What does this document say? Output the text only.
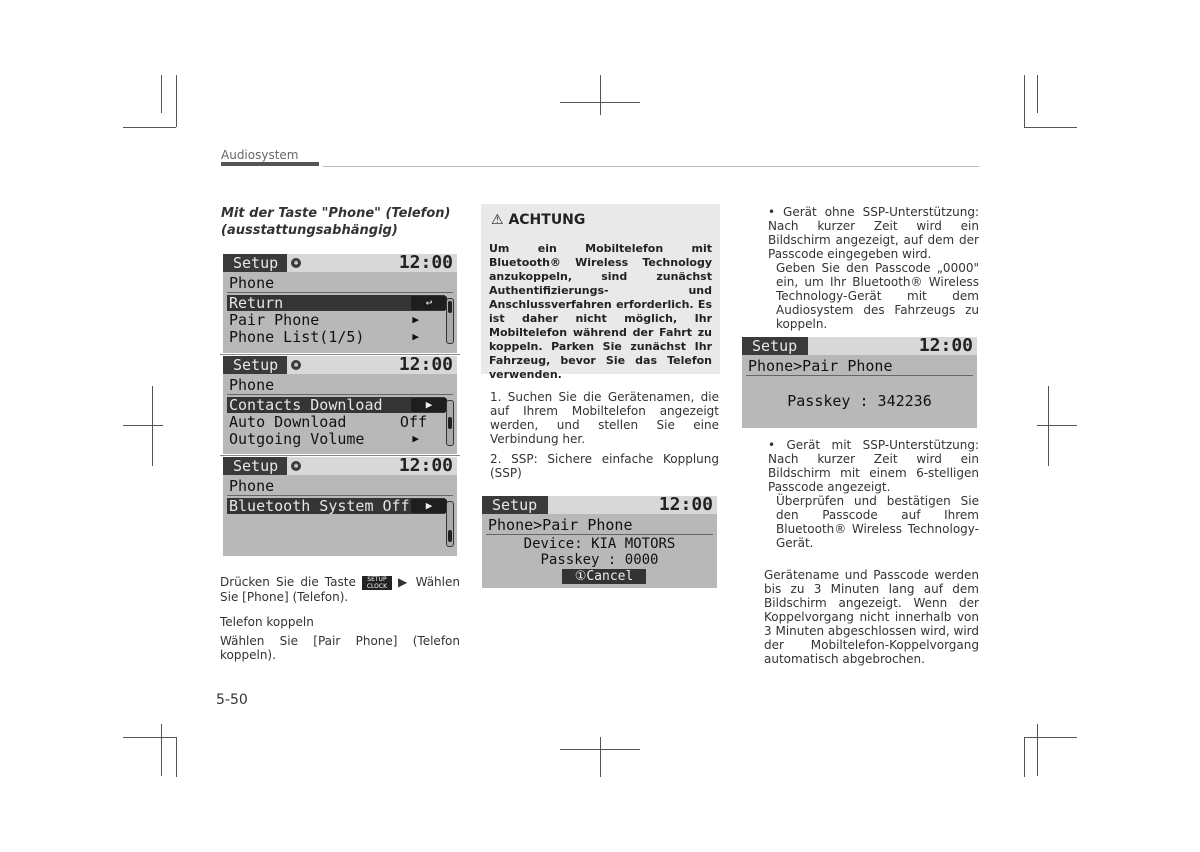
Audiosystem
Mit der Taste "Phone" (Telefon) (ausstattungsabhängig)
Setup	✱	12:00
Phone
Return	↩
Pair Phone	▶
Phone List(1/5)	▶
Setup	✱	12:00
Phone
Contacts Download	▶
Auto Download	Off
Outgoing Volume	▶
Setup	✱	12:00
Phone
Bluetooth System Off	▶
Drücken Sie die Taste SETUP
CLOCK ▶ Wählen Sie [Phone] (Telefon).
Telefon koppeln
Wählen Sie [Pair Phone] (Telefon koppeln).
⚠ ACHTUNG
Um ein Mobiltelefon mit Bluetooth® Wireless Technology anzukoppeln, sind zunächst Authentifizierungs- und Anschlussverfahren erforderlich. Es ist daher nicht möglich, Ihr Mobiltelefon während der Fahrt zu koppeln. Parken Sie zunächst Ihr Fahrzeug, bevor Sie das Telefon verwenden.
1. Suchen Sie die Gerätenamen, die auf Ihrem Mobiltelefon angezeigt werden, und stellen Sie eine Verbindung her.
2. SSP: Sichere einfache Kopplung (SSP)
Setup	12:00
Phone>Pair Phone
Device: KIA MOTORS
Passkey : 0000
①Cancel
• Gerät ohne SSP-Unterstützung: Nach kurzer Zeit wird ein Bildschirm angezeigt, auf dem der Passcode eingegeben wird.
Geben Sie den Passcode „0000" ein, um Ihr Bluetooth® Wireless Technology-Gerät mit dem Audiosystem des Fahrzeugs zu koppeln.
Setup	12:00
Phone>Pair Phone
Passkey : 342236
• Gerät mit SSP-Unterstützung: Nach kurzer Zeit wird ein Bildschirm mit einem 6-stelligen Passcode angezeigt.
Überprüfen und bestätigen Sie den Passcode auf Ihrem Bluetooth® Wireless Technology-Gerät.
Gerätename und Passcode werden bis zu 3 Minuten lang auf dem Bildschirm angezeigt. Wenn der Koppelvorgang nicht innerhalb von 3 Minuten abgeschlossen wird, wird der Mobiltelefon-Koppelvorgang automatisch abgebrochen.
5-50
